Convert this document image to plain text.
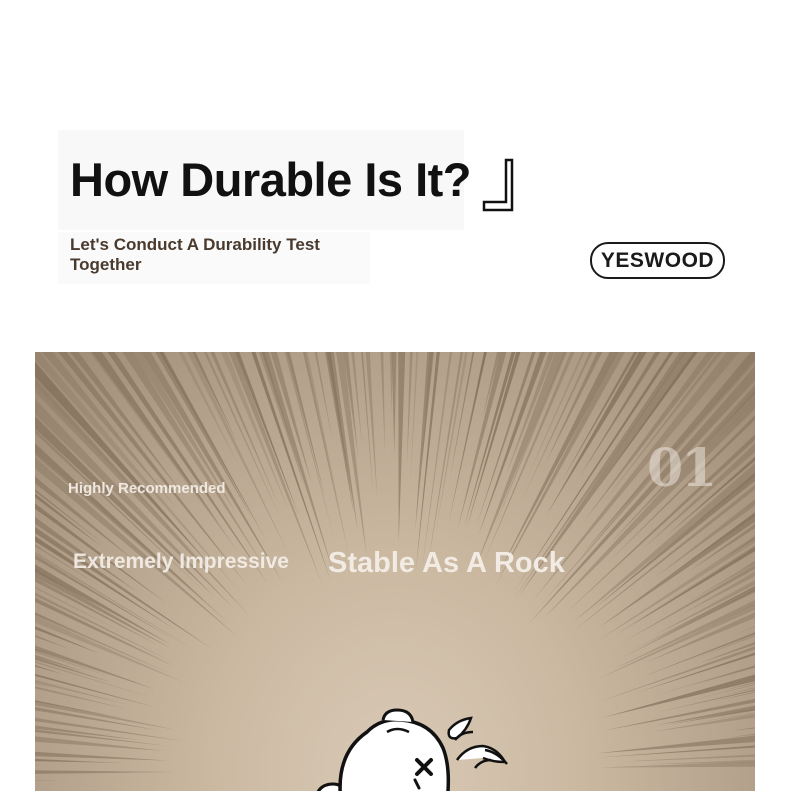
How Durable Is It?

Let's Conduct A Durability Test Together	YESWOOD

Highly Recommended	01

Extremely Impressive Stable As A Rock
